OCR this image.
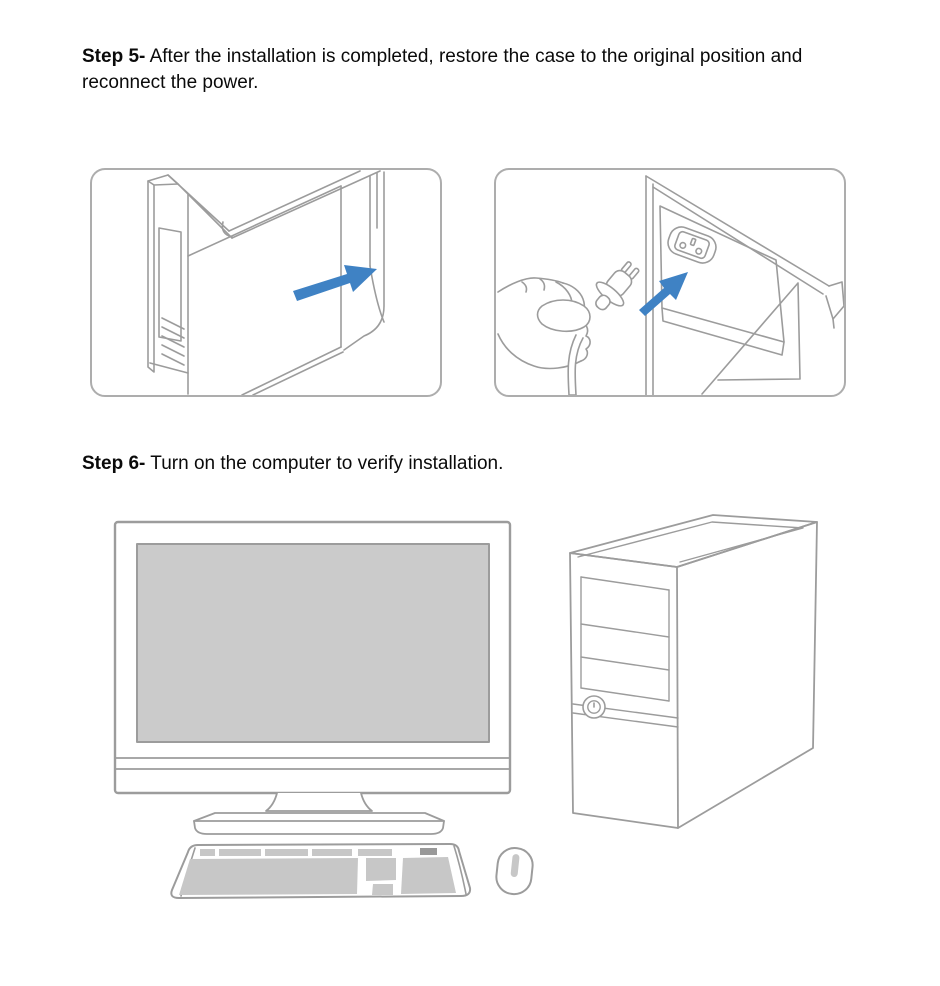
Step 5- After the installation is completed, restore the case to the original position and reconnect the power.

Step 6- Turn on the computer to verify installation.
